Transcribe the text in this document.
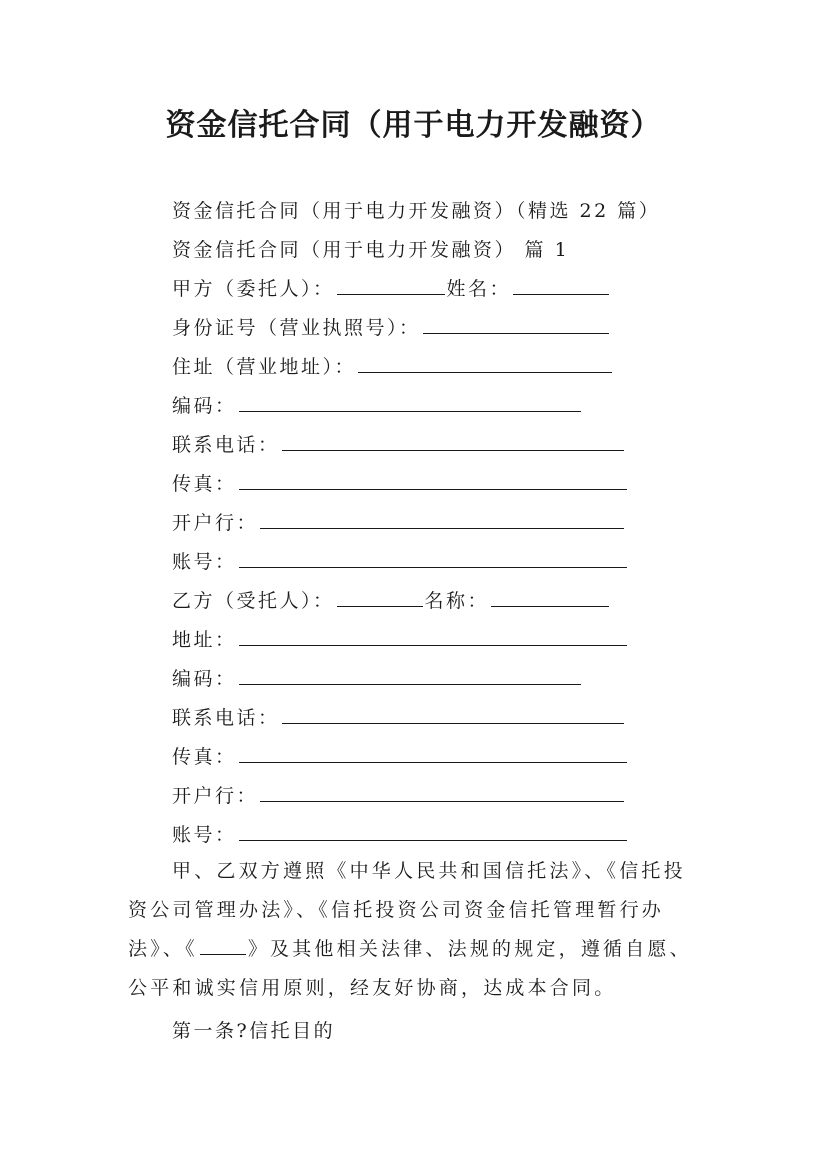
资金信托合同（用于电力开发融资）
资金信托合同（用于电力开发融资）（精选 22 篇）
资金信托合同（用于电力开发融资） 篇 1
甲方（委托人）：	姓名：
身份证号（营业执照号）：
住址（营业地址）：
编码：
联系电话：
传真：
开户行：
账号：
乙方（受托人）：	名称：
地址：
编码：
联系电话：
传真：
开户行：
账号：
甲、乙双方遵照《中华人民共和国信托法》、《信托投资公司管理办法》、《信托投资公司资金信托管理暂行办法》、《	》及其他相关法律、法规的规定，遵循自愿、公平和诚实信用原则，经友好协商，达成本合同。
第一条?信托目的
